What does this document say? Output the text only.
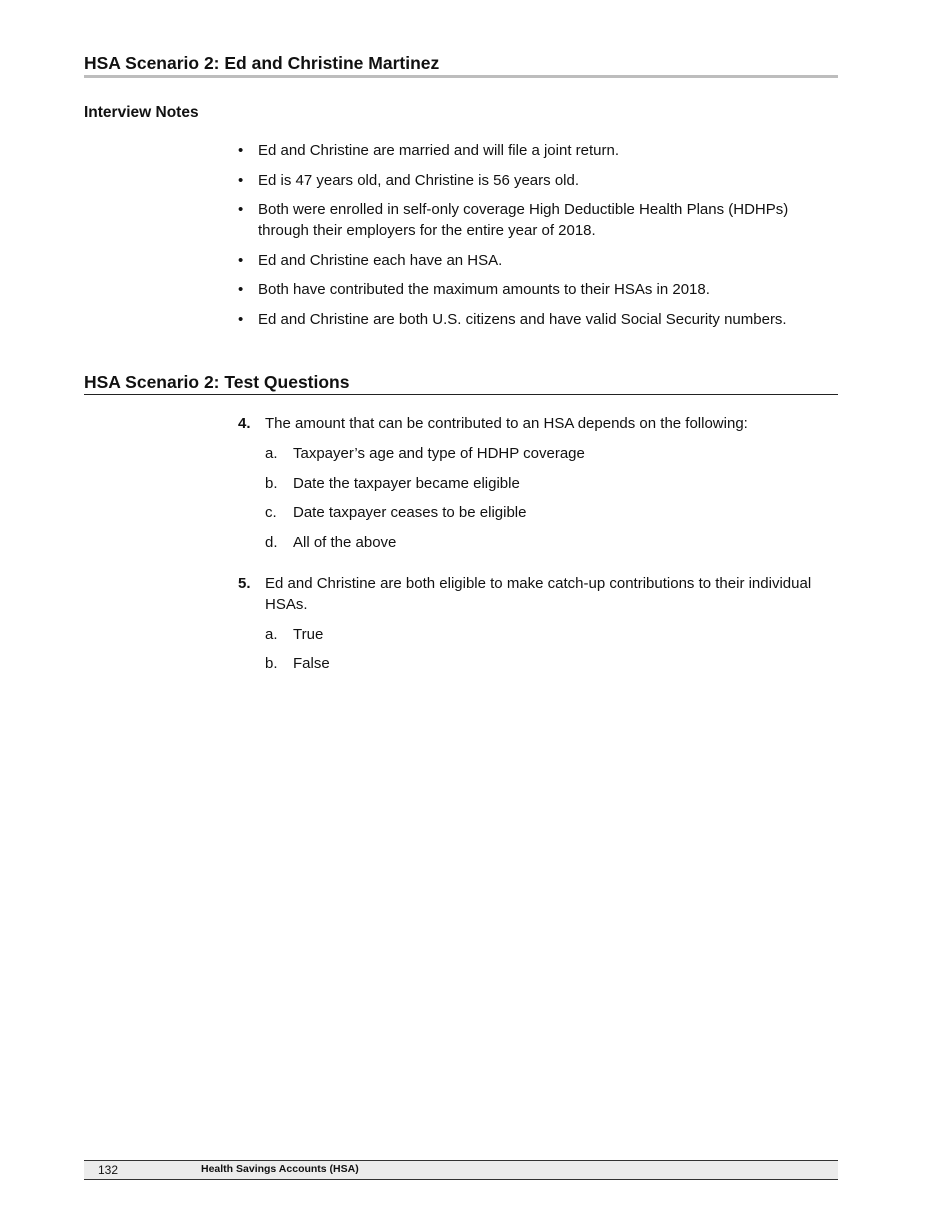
HSA Scenario 2: Ed and Christine Martinez
Interview Notes
• Ed and Christine are married and will file a joint return.
• Ed is 47 years old, and Christine is 56 years old.
• Both were enrolled in self-only coverage High Deductible Health Plans (HDHPs) through their employers for the entire year of 2018.
• Ed and Christine each have an HSA.
• Both have contributed the maximum amounts to their HSAs in 2018.
• Ed and Christine are both U.S. citizens and have valid Social Security numbers.
HSA Scenario 2: Test Questions
4. The amount that can be contributed to an HSA depends on the following:
a. Taxpayer’s age and type of HDHP coverage
b. Date the taxpayer became eligible
c. Date taxpayer ceases to be eligible
d. All of the above
5. Ed and Christine are both eligible to make catch-up contributions to their individual HSAs.
a. True
b. False
132	Health Savings Accounts (HSA)
